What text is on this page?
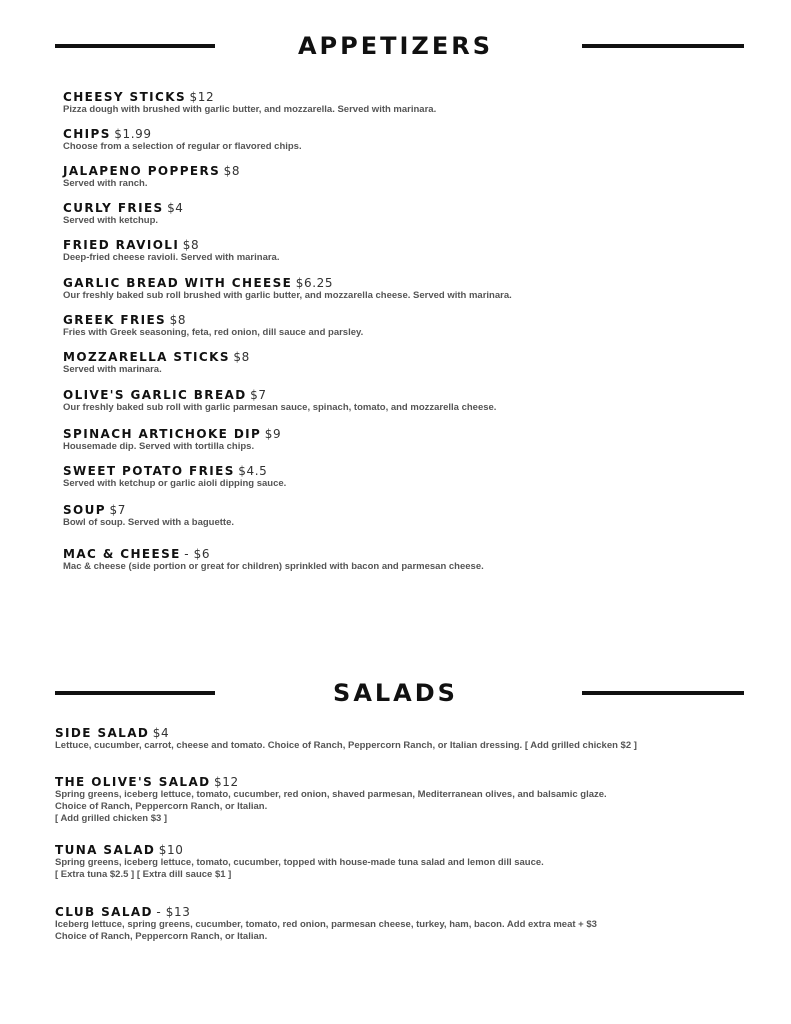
APPETIZERS
CHEESY STICKS $12
Pizza dough with brushed with garlic butter, and mozzarella. Served with marinara.
CHIPS $1.99
Choose from a selection of regular or flavored chips.
JALAPENO POPPERS $8
Served with ranch.
CURLY FRIES $4
Served with ketchup.
FRIED RAVIOLI $8
Deep-fried cheese ravioli. Served with marinara.
GARLIC BREAD WITH CHEESE $6.25
Our freshly baked sub roll brushed with garlic butter, and mozzarella cheese. Served with marinara.
GREEK FRIES $8
Fries with Greek seasoning, feta, red onion, dill sauce and parsley.
MOZZARELLA STICKS $8
Served with marinara.
OLIVE'S GARLIC BREAD $7
Our freshly baked sub roll with garlic parmesan sauce, spinach, tomato, and mozzarella cheese.
SPINACH ARTICHOKE DIP $9
Housemade dip. Served with tortilla chips.
SWEET POTATO FRIES $4.5
Served with ketchup or garlic aioli dipping sauce.
SOUP $7
Bowl of soup. Served with a baguette.
MAC & CHEESE - $6
Mac & cheese (side portion or great for children) sprinkled with bacon and parmesan cheese.
SALADS
SIDE SALAD $4
Lettuce, cucumber, carrot, cheese and tomato. Choice of Ranch, Peppercorn Ranch, or Italian dressing. [ Add grilled chicken $2 ]
THE OLIVE'S SALAD $12
Spring greens, iceberg lettuce, tomato, cucumber, red onion, shaved parmesan, Mediterranean olives, and balsamic glaze.
Choice of Ranch, Peppercorn Ranch, or Italian.
[ Add grilled chicken $3 ]
TUNA SALAD $10
Spring greens, iceberg lettuce, tomato, cucumber, topped with house-made tuna salad and lemon dill sauce.
[ Extra tuna $2.5 ] [ Extra dill sauce $1 ]
CLUB SALAD - $13
Iceberg lettuce, spring greens, cucumber, tomato, red onion, parmesan cheese, turkey, ham, bacon. Add extra meat + $3
Choice of Ranch, Peppercorn Ranch, or Italian.
